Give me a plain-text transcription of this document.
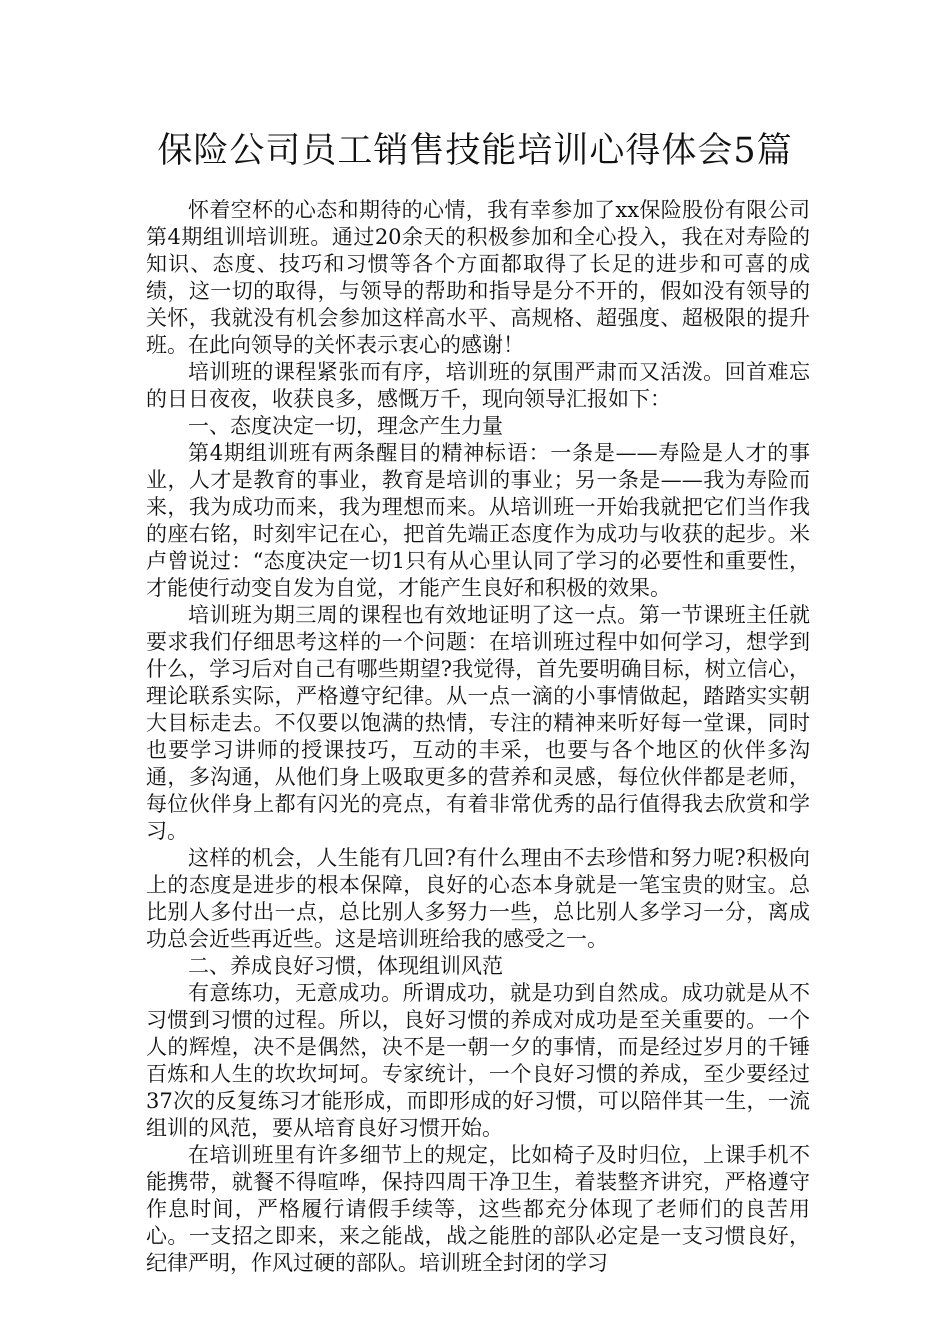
保险公司员工销售技能培训心得体会5篇

怀着空杯的心态和期待的心情，我有幸参加了xx保险股份有限公司第4期组训培训班。通过20余天的积极参加和全心投入，我在对寿险的知识、态度、技巧和习惯等各个方面都取得了长足的进步和可喜的成绩，这一切的取得，与领导的帮助和指导是分不开的，假如没有领导的关怀，我就没有机会参加这样高水平、高规格、超强度、超极限的提升班。在此向领导的关怀表示衷心的感谢！

培训班的课程紧张而有序，培训班的氛围严肃而又活泼。回首难忘的日日夜夜，收获良多，感慨万千，现向领导汇报如下：

一、态度决定一切，理念产生力量

第4期组训班有两条醒目的精神标语：一条是——寿险是人才的事业，人才是教育的事业，教育是培训的事业；另一条是——我为寿险而来，我为成功而来，我为理想而来。从培训班一开始我就把它们当作我的座右铭，时刻牢记在心，把首先端正态度作为成功与收获的起步。米卢曾说过：“态度决定一切1只有从心里认同了学习的必要性和重要性，才能使行动变自发为自觉，才能产生良好和积极的效果。

培训班为期三周的课程也有效地证明了这一点。第一节课班主任就要求我们仔细思考这样的一个问题：在培训班过程中如何学习，想学到什么，学习后对自己有哪些期望?我觉得，首先要明确目标，树立信心，理论联系实际，严格遵守纪律。从一点一滴的小事情做起，踏踏实实朝大目标走去。不仅要以饱满的热情，专注的精神来听好每一堂课，同时也要学习讲师的授课技巧，互动的丰采，也要与各个地区的伙伴多沟通，多沟通，从他们身上吸取更多的营养和灵感，每位伙伴都是老师，每位伙伴身上都有闪光的亮点，有着非常优秀的品行值得我去欣赏和学习。

这样的机会，人生能有几回?有什么理由不去珍惜和努力呢?积极向上的态度是进步的根本保障，良好的心态本身就是一笔宝贵的财宝。总比别人多付出一点，总比别人多努力一些，总比别人多学习一分，离成功总会近些再近些。这是培训班给我的感受之一。

二、养成良好习惯，体现组训风范

有意练功，无意成功。所谓成功，就是功到自然成。成功就是从不习惯到习惯的过程。所以，良好习惯的养成对成功是至关重要的。一个人的辉煌，决不是偶然，决不是一朝一夕的事情，而是经过岁月的千锤百炼和人生的坎坎坷坷。专家统计，一个良好习惯的养成，至少要经过37次的反复练习才能形成，而即形成的好习惯，可以陪伴其一生，一流组训的风范，要从培育良好习惯开始。

在培训班里有许多细节上的规定，比如椅子及时归位，上课手机不能携带，就餐不得喧哗，保持四周干净卫生，着装整齐讲究，严格遵守作息时间，严格履行请假手续等，这些都充分体现了老师们的良苦用心。一支招之即来，来之能战，战之能胜的部队必定是一支习惯良好，纪律严明，作风过硬的部队。培训班全封闭的学习
